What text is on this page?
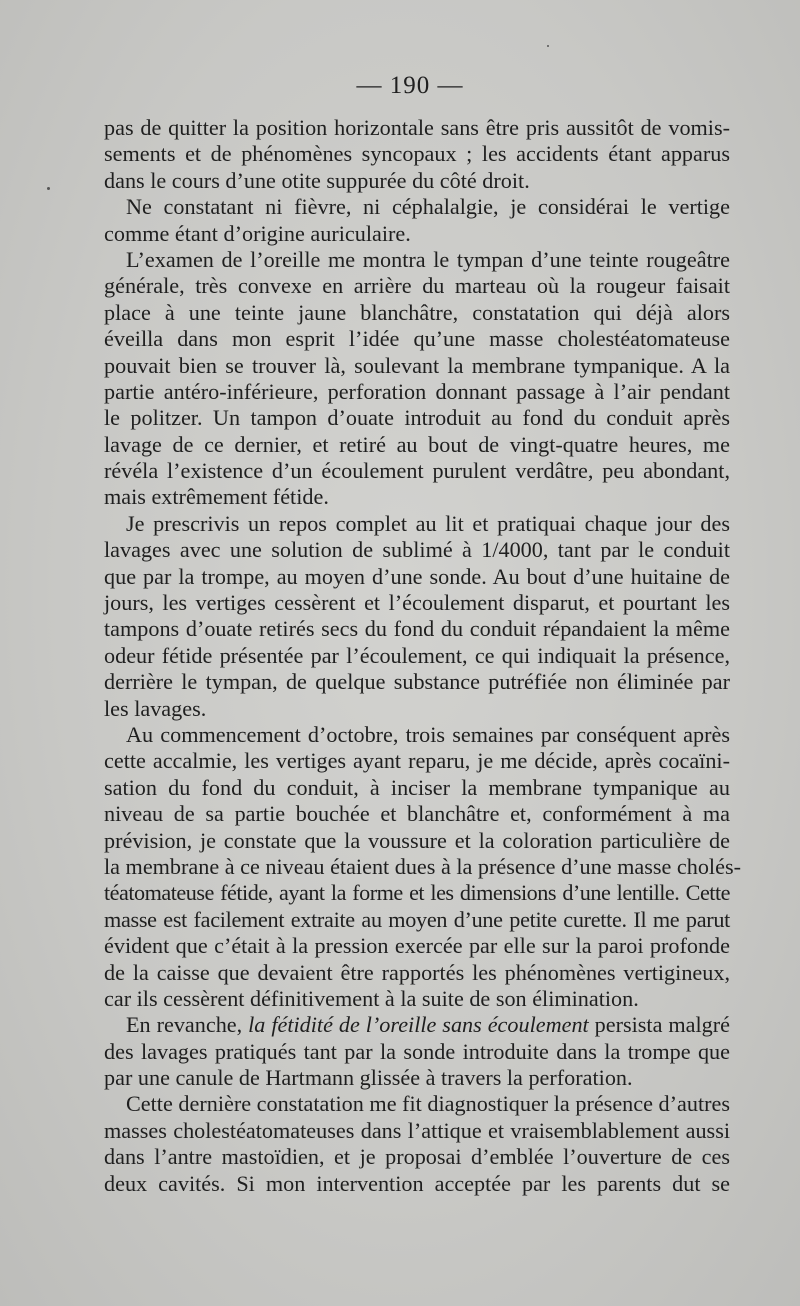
— 190 —
pas de quitter la position horizontale sans être pris aussitôt de vomis-
sements et de phénomènes syncopaux ; les accidents étant apparus
dans le cours d’une otite suppurée du côté droit.
Ne constatant ni fièvre, ni céphalalgie, je considérai le vertige
comme étant d’origine auriculaire.
L’examen de l’oreille me montra le tympan d’une teinte rougeâtre
générale, très convexe en arrière du marteau où la rougeur faisait
place à une teinte jaune blanchâtre, constatation qui déjà alors
éveilla dans mon esprit l’idée qu’une masse cholestéatomateuse
pouvait bien se trouver là, soulevant la membrane tympanique. A la
partie antéro-inférieure, perforation donnant passage à l’air pendant
le politzer. Un tampon d’ouate introduit au fond du conduit après
lavage de ce dernier, et retiré au bout de vingt-quatre heures, me
révéla l’existence d’un écoulement purulent verdâtre, peu abondant,
mais extrêmement fétide.
Je prescrivis un repos complet au lit et pratiquai chaque jour des
lavages avec une solution de sublimé à 1/4000, tant par le conduit
que par la trompe, au moyen d’une sonde. Au bout d’une huitaine de
jours, les vertiges cessèrent et l’écoulement disparut, et pourtant les
tampons d’ouate retirés secs du fond du conduit répandaient la même
odeur fétide présentée par l’écoulement, ce qui indiquait la présence,
derrière le tympan, de quelque substance putréfiée non éliminée par
les lavages.
Au commencement d’octobre, trois semaines par conséquent après
cette accalmie, les vertiges ayant reparu, je me décide, après cocaïni-
sation du fond du conduit, à inciser la membrane tympanique au
niveau de sa partie bouchée et blanchâtre et, conformément à ma
prévision, je constate que la voussure et la coloration particulière de
la membrane à ce niveau étaient dues à la présence d’une masse cholés-
téatomateuse fétide, ayant la forme et les dimensions d’une lentille. Cette
masse est facilement extraite au moyen d’une petite curette. Il me parut
évident que c’était à la pression exercée par elle sur la paroi profonde
de la caisse que devaient être rapportés les phénomènes vertigineux,
car ils cessèrent définitivement à la suite de son élimination.
En revanche, la fétidité de l’oreille sans écoulement persista malgré
des lavages pratiqués tant par la sonde introduite dans la trompe que
par une canule de Hartmann glissée à travers la perforation.
Cette dernière constatation me fit diagnostiquer la présence d’autres
masses cholestéatomateuses dans l’attique et vraisemblablement aussi
dans l’antre mastoïdien, et je proposai d’emblée l’ouverture de ces
deux cavités. Si mon intervention acceptée par les parents dut se
